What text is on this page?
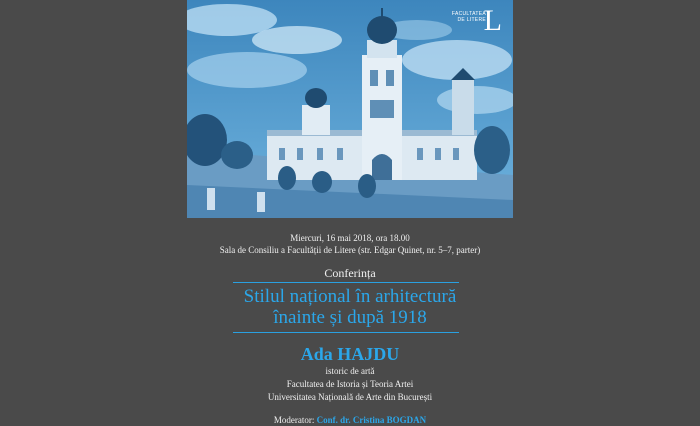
FACULTATEA
DE LITERE
L
Miercuri, 16 mai 2018, ora 18.00
Sala de Consiliu a Facultății de Litere (str. Edgar Quinet, nr. 5–7, parter)
Conferința
Stilul național în arhitectură
înainte și după 1918
Ada HAJDU
istoric de artă
Facultatea de Istoria și Teoria Artei
Universitatea Națională de Arte din București
Moderator: Conf. dr. Cristina BOGDAN
